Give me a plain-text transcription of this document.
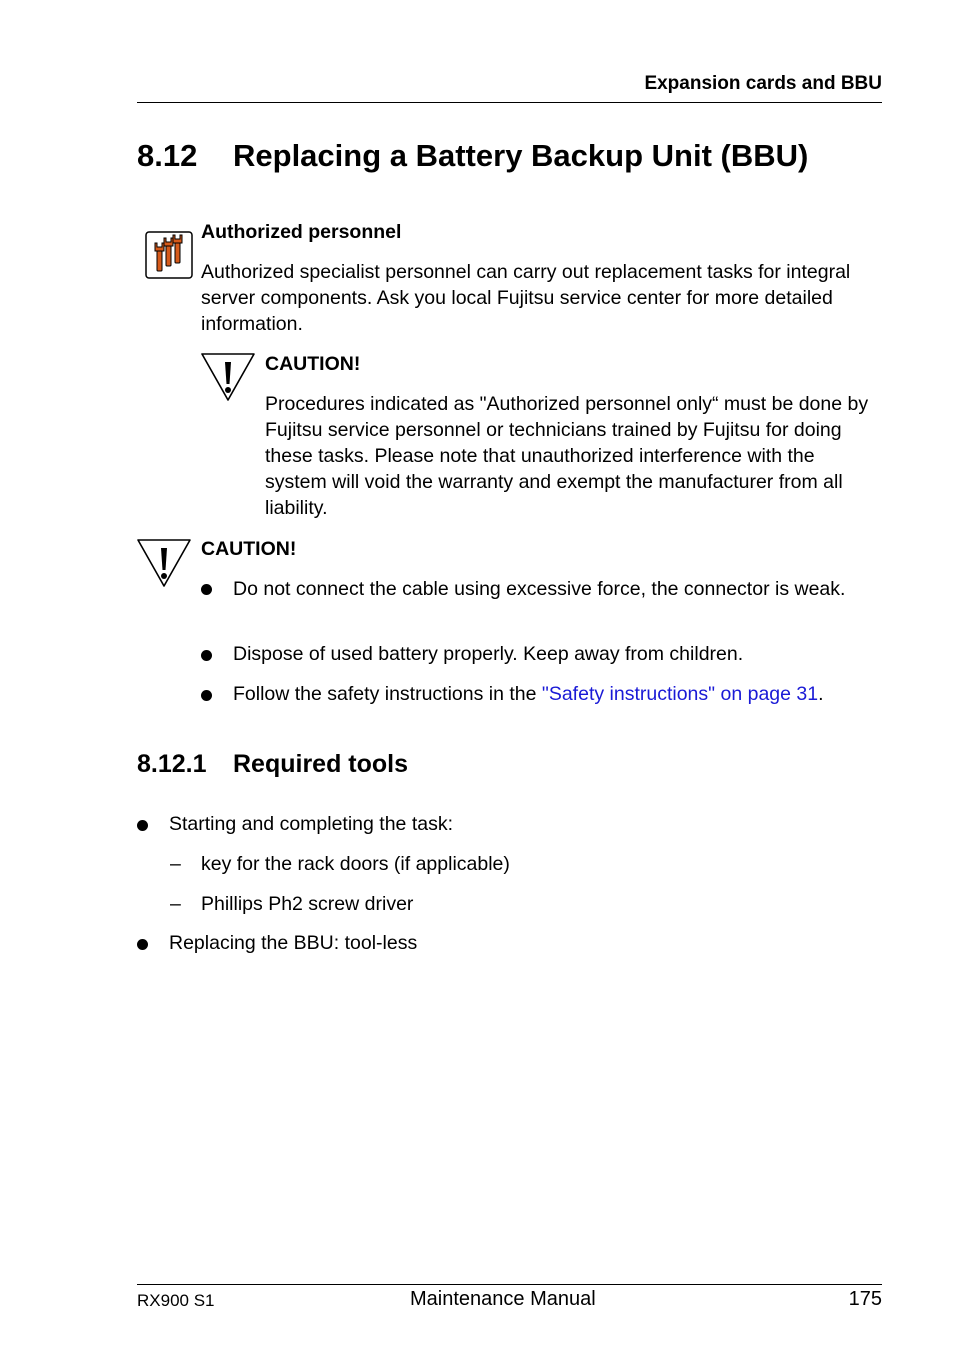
Expansion cards and BBU
8.12 Replacing a Battery Backup Unit (BBU)
Authorized personnel
Authorized specialist personnel can carry out replacement tasks for integral server components. Ask you local Fujitsu service center for more detailed information.
CAUTION!
Procedures indicated as "Authorized personnel only“ must be done by Fujitsu service personnel or technicians trained by Fujitsu for doing these tasks. Please note that unauthorized interference with the system will void the warranty and exempt the manufacturer from all liability.
CAUTION!
Do not connect the cable using excessive force, the connector is weak.
Dispose of used battery properly. Keep away from children.
Follow the safety instructions in the "Safety instructions" on page 31.
8.12.1 Required tools
Starting and completing the task:
– key for the rack doors (if applicable)
– Phillips Ph2 screw driver
Replacing the BBU: tool-less
RX900 S1	Maintenance Manual	175
